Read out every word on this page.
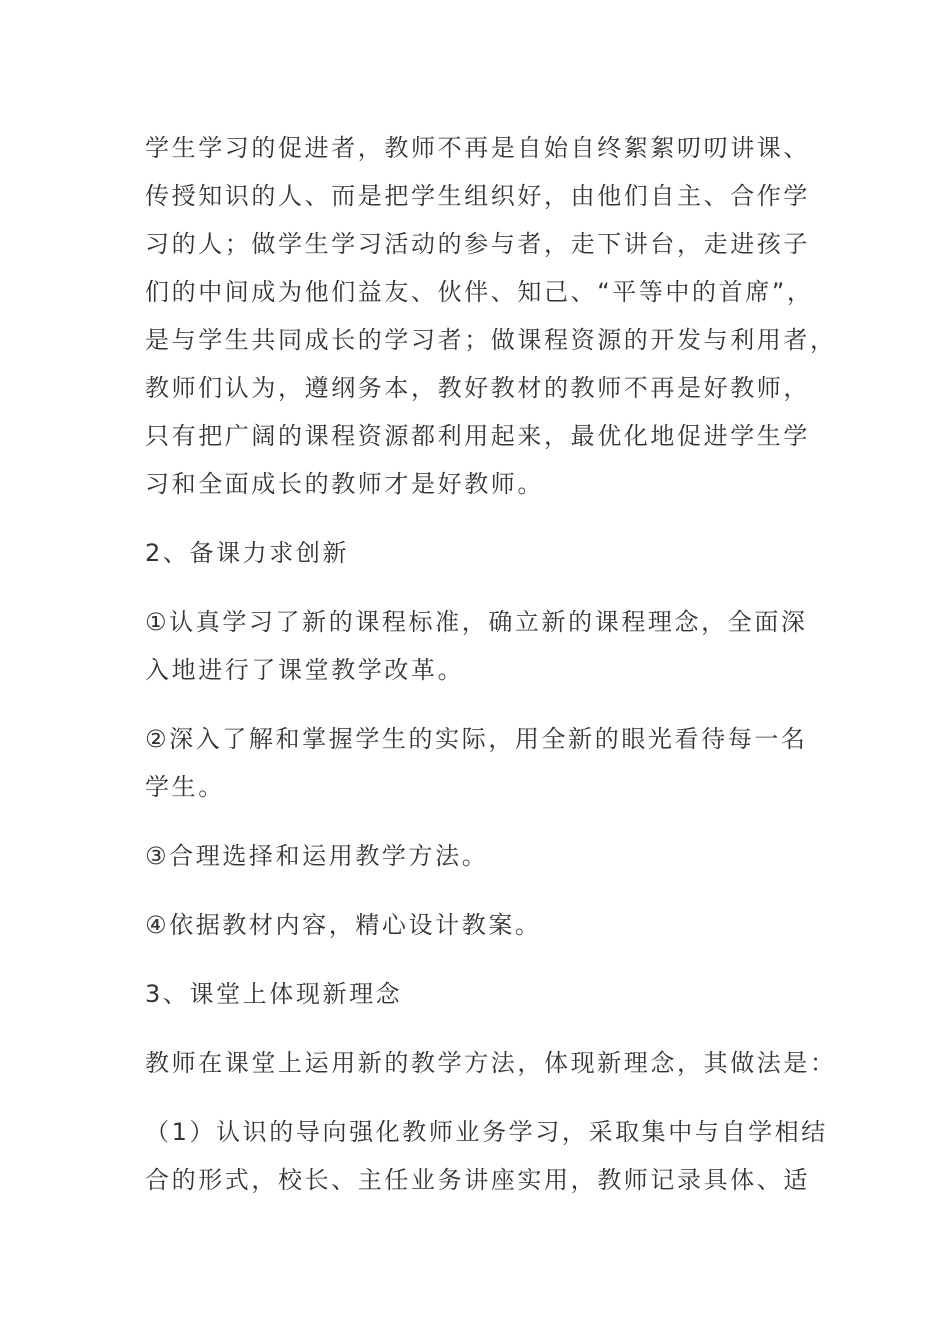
学生学习的促进者，教师不再是自始自终絮絮叨叨讲课、
传授知识的人、而是把学生组织好，由他们自主、合作学
习的人；做学生学习活动的参与者，走下讲台，走进孩子
们的中间成为他们益友、伙伴、知己、“平等中的首席”，
是与学生共同成长的学习者；做课程资源的开发与利用者，
教师们认为，遵纲务本，教好教材的教师不再是好教师，
只有把广阔的课程资源都利用起来，最优化地促进学生学
习和全面成长的教师才是好教师。
2、备课力求创新
①认真学习了新的课程标准，确立新的课程理念，全面深
入地进行了课堂教学改革。
②深入了解和掌握学生的实际，用全新的眼光看待每一名
学生。
③合理选择和运用教学方法。
④依据教材内容，精心设计教案。
3、课堂上体现新理念
教师在课堂上运用新的教学方法，体现新理念，其做法是：
（1）认识的导向强化教师业务学习，采取集中与自学相结
合的形式，校长、主任业务讲座实用，教师记录具体、适
